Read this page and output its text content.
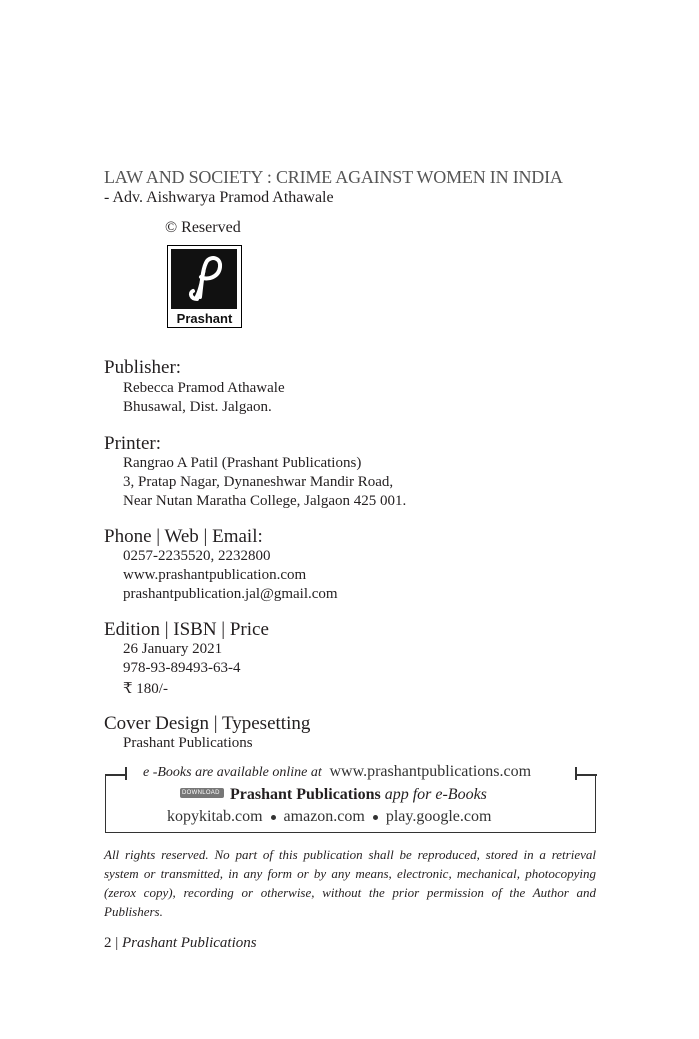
LAW AND SOCIETY : CRIME AGAINST WOMEN IN INDIA
- Adv. Aishwarya Pramod Athawale
© Reserved
Prashant
Publisher:
Rebecca Pramod Athawale
Bhusawal, Dist. Jalgaon.
Printer:
Rangrao A Patil (Prashant Publications)
3, Pratap Nagar, Dynaneshwar Mandir Road,
Near Nutan Maratha College, Jalgaon 425 001.
Phone | Web | Email:
0257-2235520, 2232800
www.prashantpublication.com
prashantpublication.jal@gmail.com
Edition | ISBN | Price
26 January 2021
978-93-89493-63-4
₹ 180/-
Cover Design | Typesetting
Prashant Publications
e -Books are available online at www.prashantpublications.com
DOWNLOAD Prashant Publications app for e-Books
kopykitab.com amazon.com play.google.com
All rights reserved. No part of this publication shall be reproduced, stored in a retrieval system or transmitted, in any form or by any means, electronic, mechanical, photocopying (zerox copy), recording or otherwise, without the prior permission of the Author and Publishers.
2 | Prashant Publications
